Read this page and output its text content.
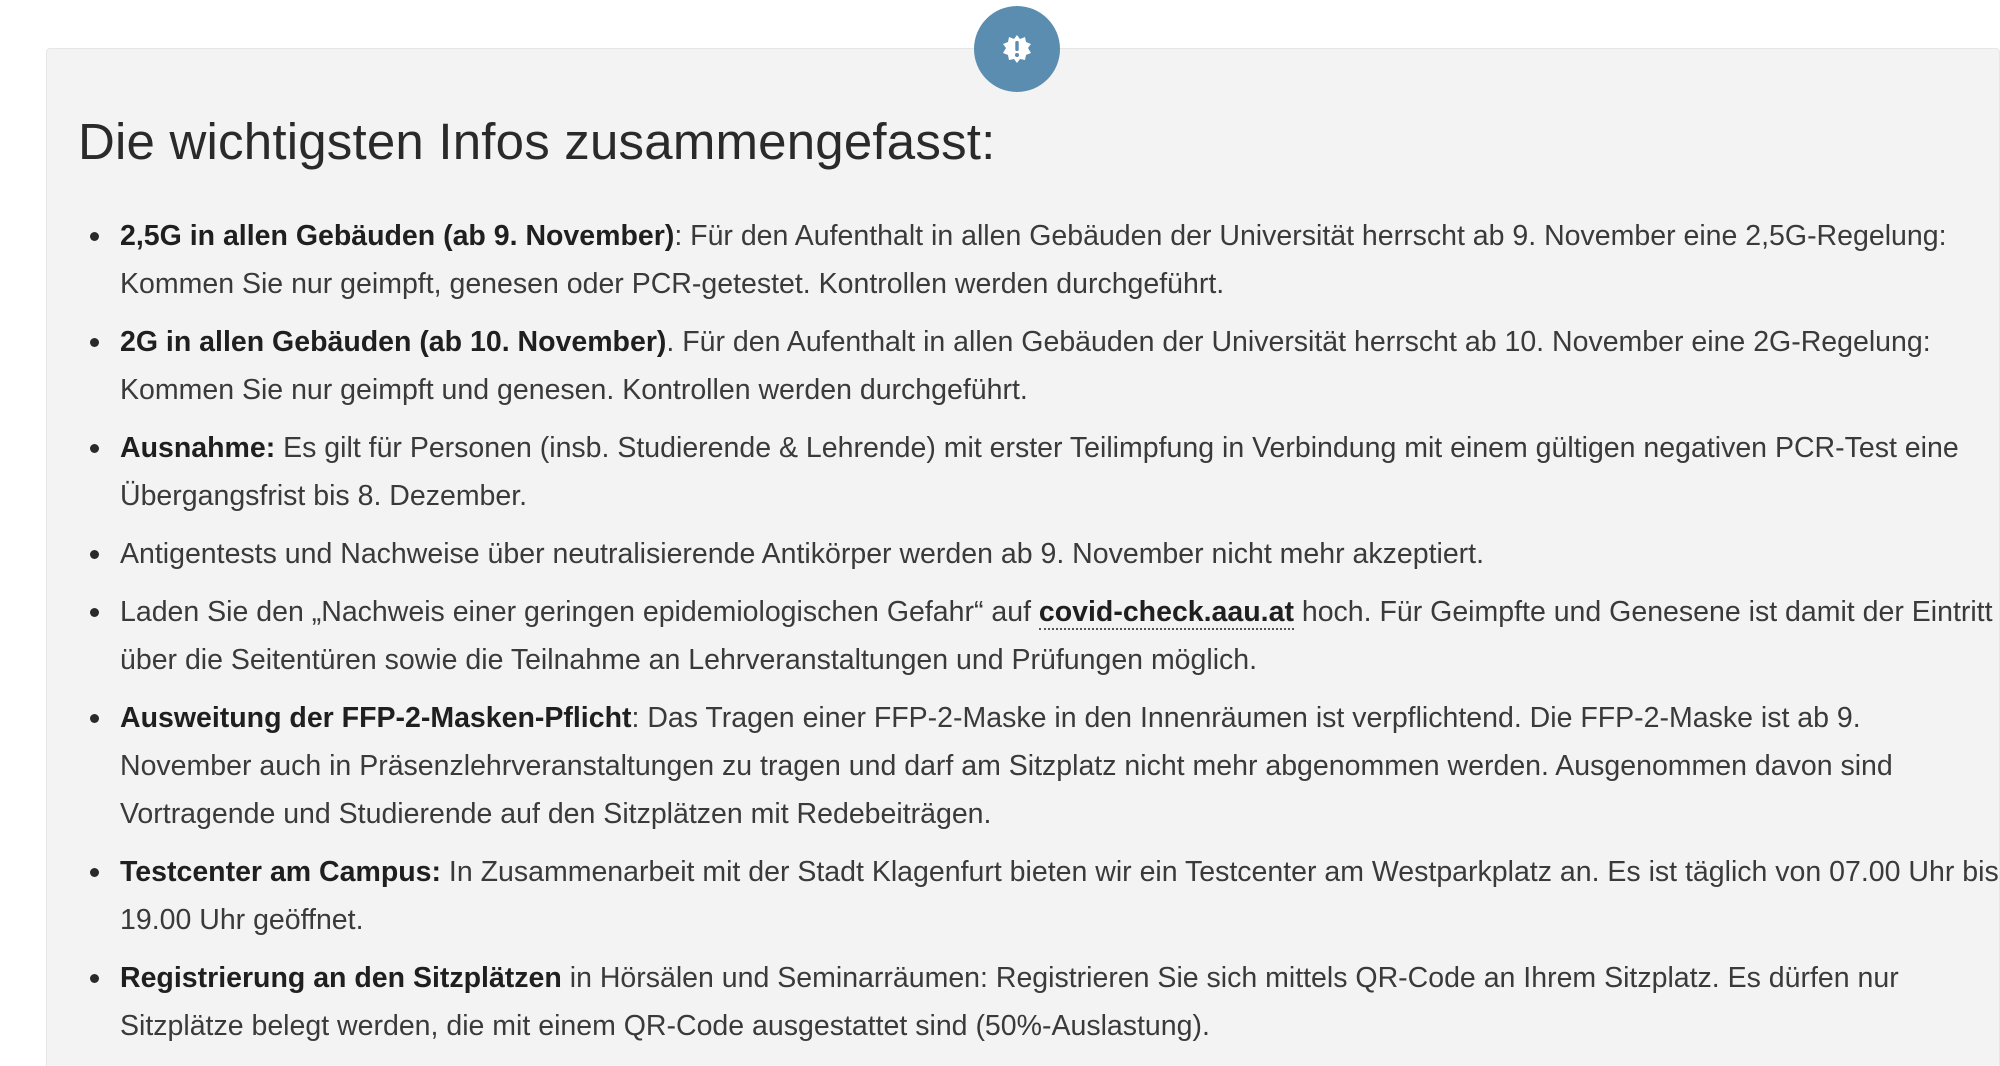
Die wichtigsten Infos zusammengefasst:
2,5G in allen Gebäuden (ab 9. November): Für den Aufenthalt in allen Gebäuden der Universität herrscht ab 9. November eine 2,5G-Regelung: Kommen Sie nur geimpft, genesen oder PCR-getestet. Kontrollen werden durchgeführt.
2G in allen Gebäuden (ab 10. November). Für den Aufenthalt in allen Gebäuden der Universität herrscht ab 10. November eine 2G-Regelung: Kommen Sie nur geimpft und genesen. Kontrollen werden durchgeführt.
Ausnahme: Es gilt für Personen (insb. Studierende & Lehrende) mit erster Teilimpfung in Verbindung mit einem gültigen negativen PCR-Test eine Übergangsfrist bis 8. Dezember.
Antigentests und Nachweise über neutralisierende Antikörper werden ab 9. November nicht mehr akzeptiert.
Laden Sie den „Nachweis einer geringen epidemiologischen Gefahr“ auf covid-check.aau.at hoch. Für Geimpfte und Genesene ist damit der Eintritt über die Seitentüren sowie die Teilnahme an Lehrveranstaltungen und Prüfungen möglich.
Ausweitung der FFP-2-Masken-Pflicht: Das Tragen einer FFP-2-Maske in den Innenräumen ist verpflichtend. Die FFP-2-Maske ist ab 9. November auch in Präsenzlehrveranstaltungen zu tragen und darf am Sitzplatz nicht mehr abgenommen werden. Ausgenommen davon sind Vortragende und Studierende auf den Sitzplätzen mit Redebeiträgen.
Testcenter am Campus: In Zusammenarbeit mit der Stadt Klagenfurt bieten wir ein Testcenter am Westparkplatz an. Es ist täglich von 07.00 Uhr bis 19.00 Uhr geöffnet.
Registrierung an den Sitzplätzen in Hörsälen und Seminarräumen: Registrieren Sie sich mittels QR-Code an Ihrem Sitzplatz. Es dürfen nur Sitzplätze belegt werden, die mit einem QR-Code ausgestattet sind (50%-Auslastung).
